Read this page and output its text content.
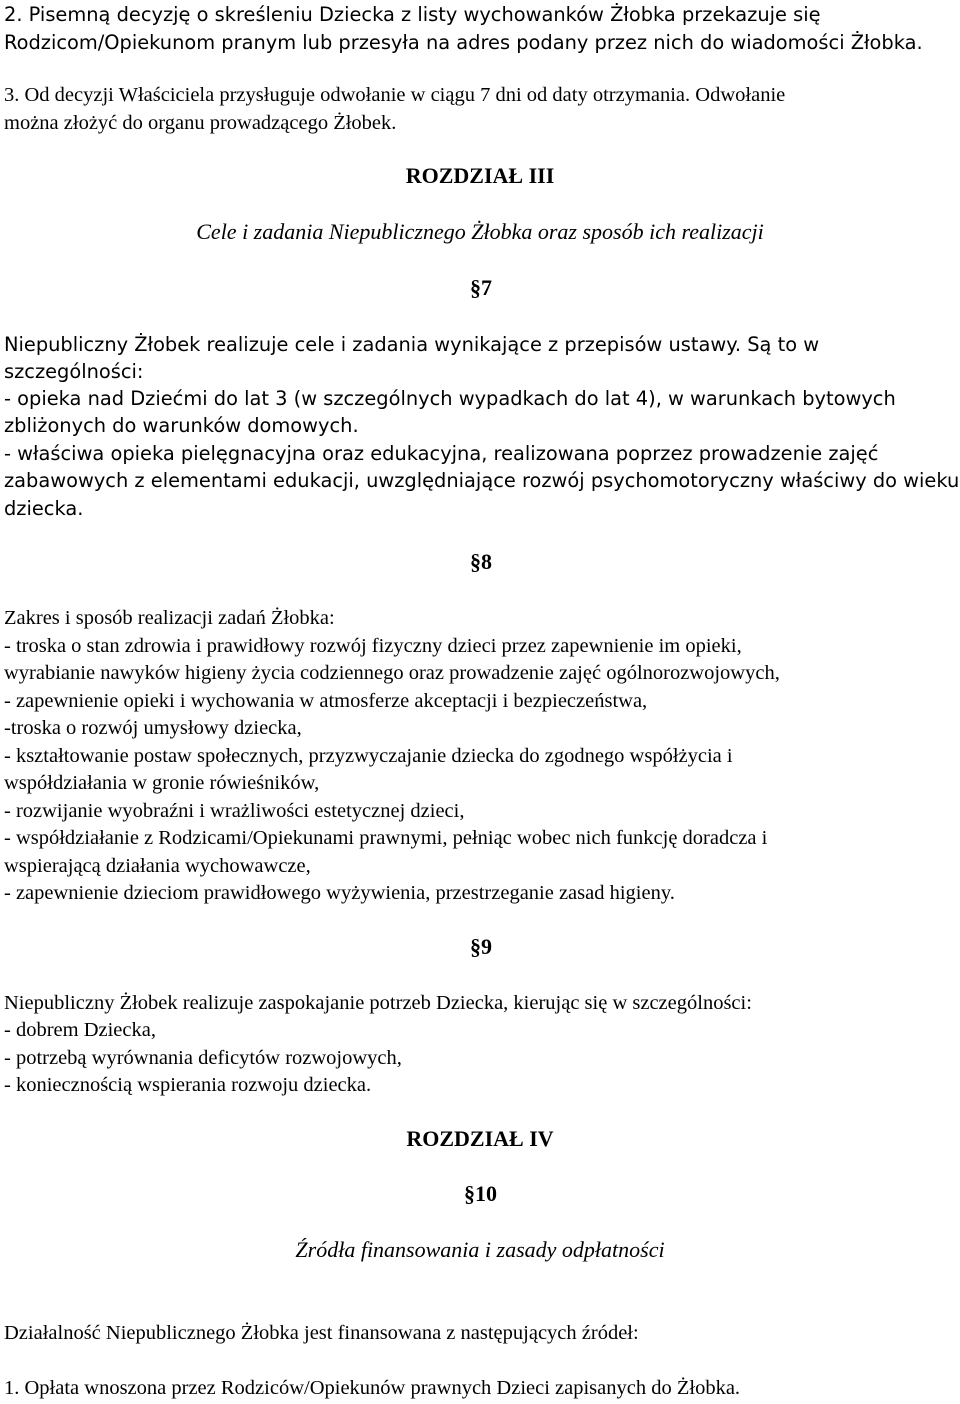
2. Pisemną decyzję o skreśleniu Dziecka z listy wychowanków Żłobka przekazuje się
Rodzicom/Opiekunom pranym lub przesyła na adres podany przez nich do wiadomości Żłobka.
3. Od decyzji Właściciela przysługuje odwołanie w ciągu 7 dni od daty otrzymania. Odwołanie
można złożyć do organu prowadzącego Żłobek.
ROZDZIAŁ III
Cele i zadania Niepublicznego Żłobka oraz sposób ich realizacji
§7
Niepubliczny Żłobek realizuje cele i zadania wynikające z przepisów ustawy. Są to w
szczególności:
- opieka nad Dziećmi do lat 3 (w szczególnych wypadkach do lat 4), w warunkach bytowych
zbliżonych do warunków domowych.
- właściwa opieka pielęgnacyjna oraz edukacyjna, realizowana poprzez prowadzenie zajęć
zabawowych z elementami edukacji, uwzględniające rozwój psychomotoryczny właściwy do wieku
dziecka.
§8
Zakres i sposób realizacji zadań Żłobka:
- troska o stan zdrowia i prawidłowy rozwój fizyczny dzieci przez zapewnienie im opieki,
wyrabianie nawyków higieny życia codziennego oraz prowadzenie zajęć ogólnorozwojowych,
- zapewnienie opieki i wychowania w atmosferze akceptacji i bezpieczeństwa,
-troska o rozwój umysłowy dziecka,
- kształtowanie postaw społecznych, przyzwyczajanie dziecka do zgodnego współżycia i
współdziałania w gronie rówieśników,
- rozwijanie wyobraźni i wrażliwości estetycznej dzieci,
- współdziałanie z Rodzicami/Opiekunami prawnymi, pełniąc wobec nich funkcję doradcza i
wspierającą działania wychowawcze,
- zapewnienie dzieciom prawidłowego wyżywienia, przestrzeganie zasad higieny.
§9
Niepubliczny Żłobek realizuje zaspokajanie potrzeb Dziecka, kierując się w szczególności:
- dobrem Dziecka,
- potrzebą wyrównania deficytów rozwojowych,
- koniecznością wspierania rozwoju dziecka.
ROZDZIAŁ IV
§10
Źródła finansowania i zasady odpłatności
Działalność Niepublicznego Żłobka jest finansowana z następujących źródeł:
1. Opłata wnoszona przez Rodziców/Opiekunów prawnych Dzieci zapisanych do Żłobka.
